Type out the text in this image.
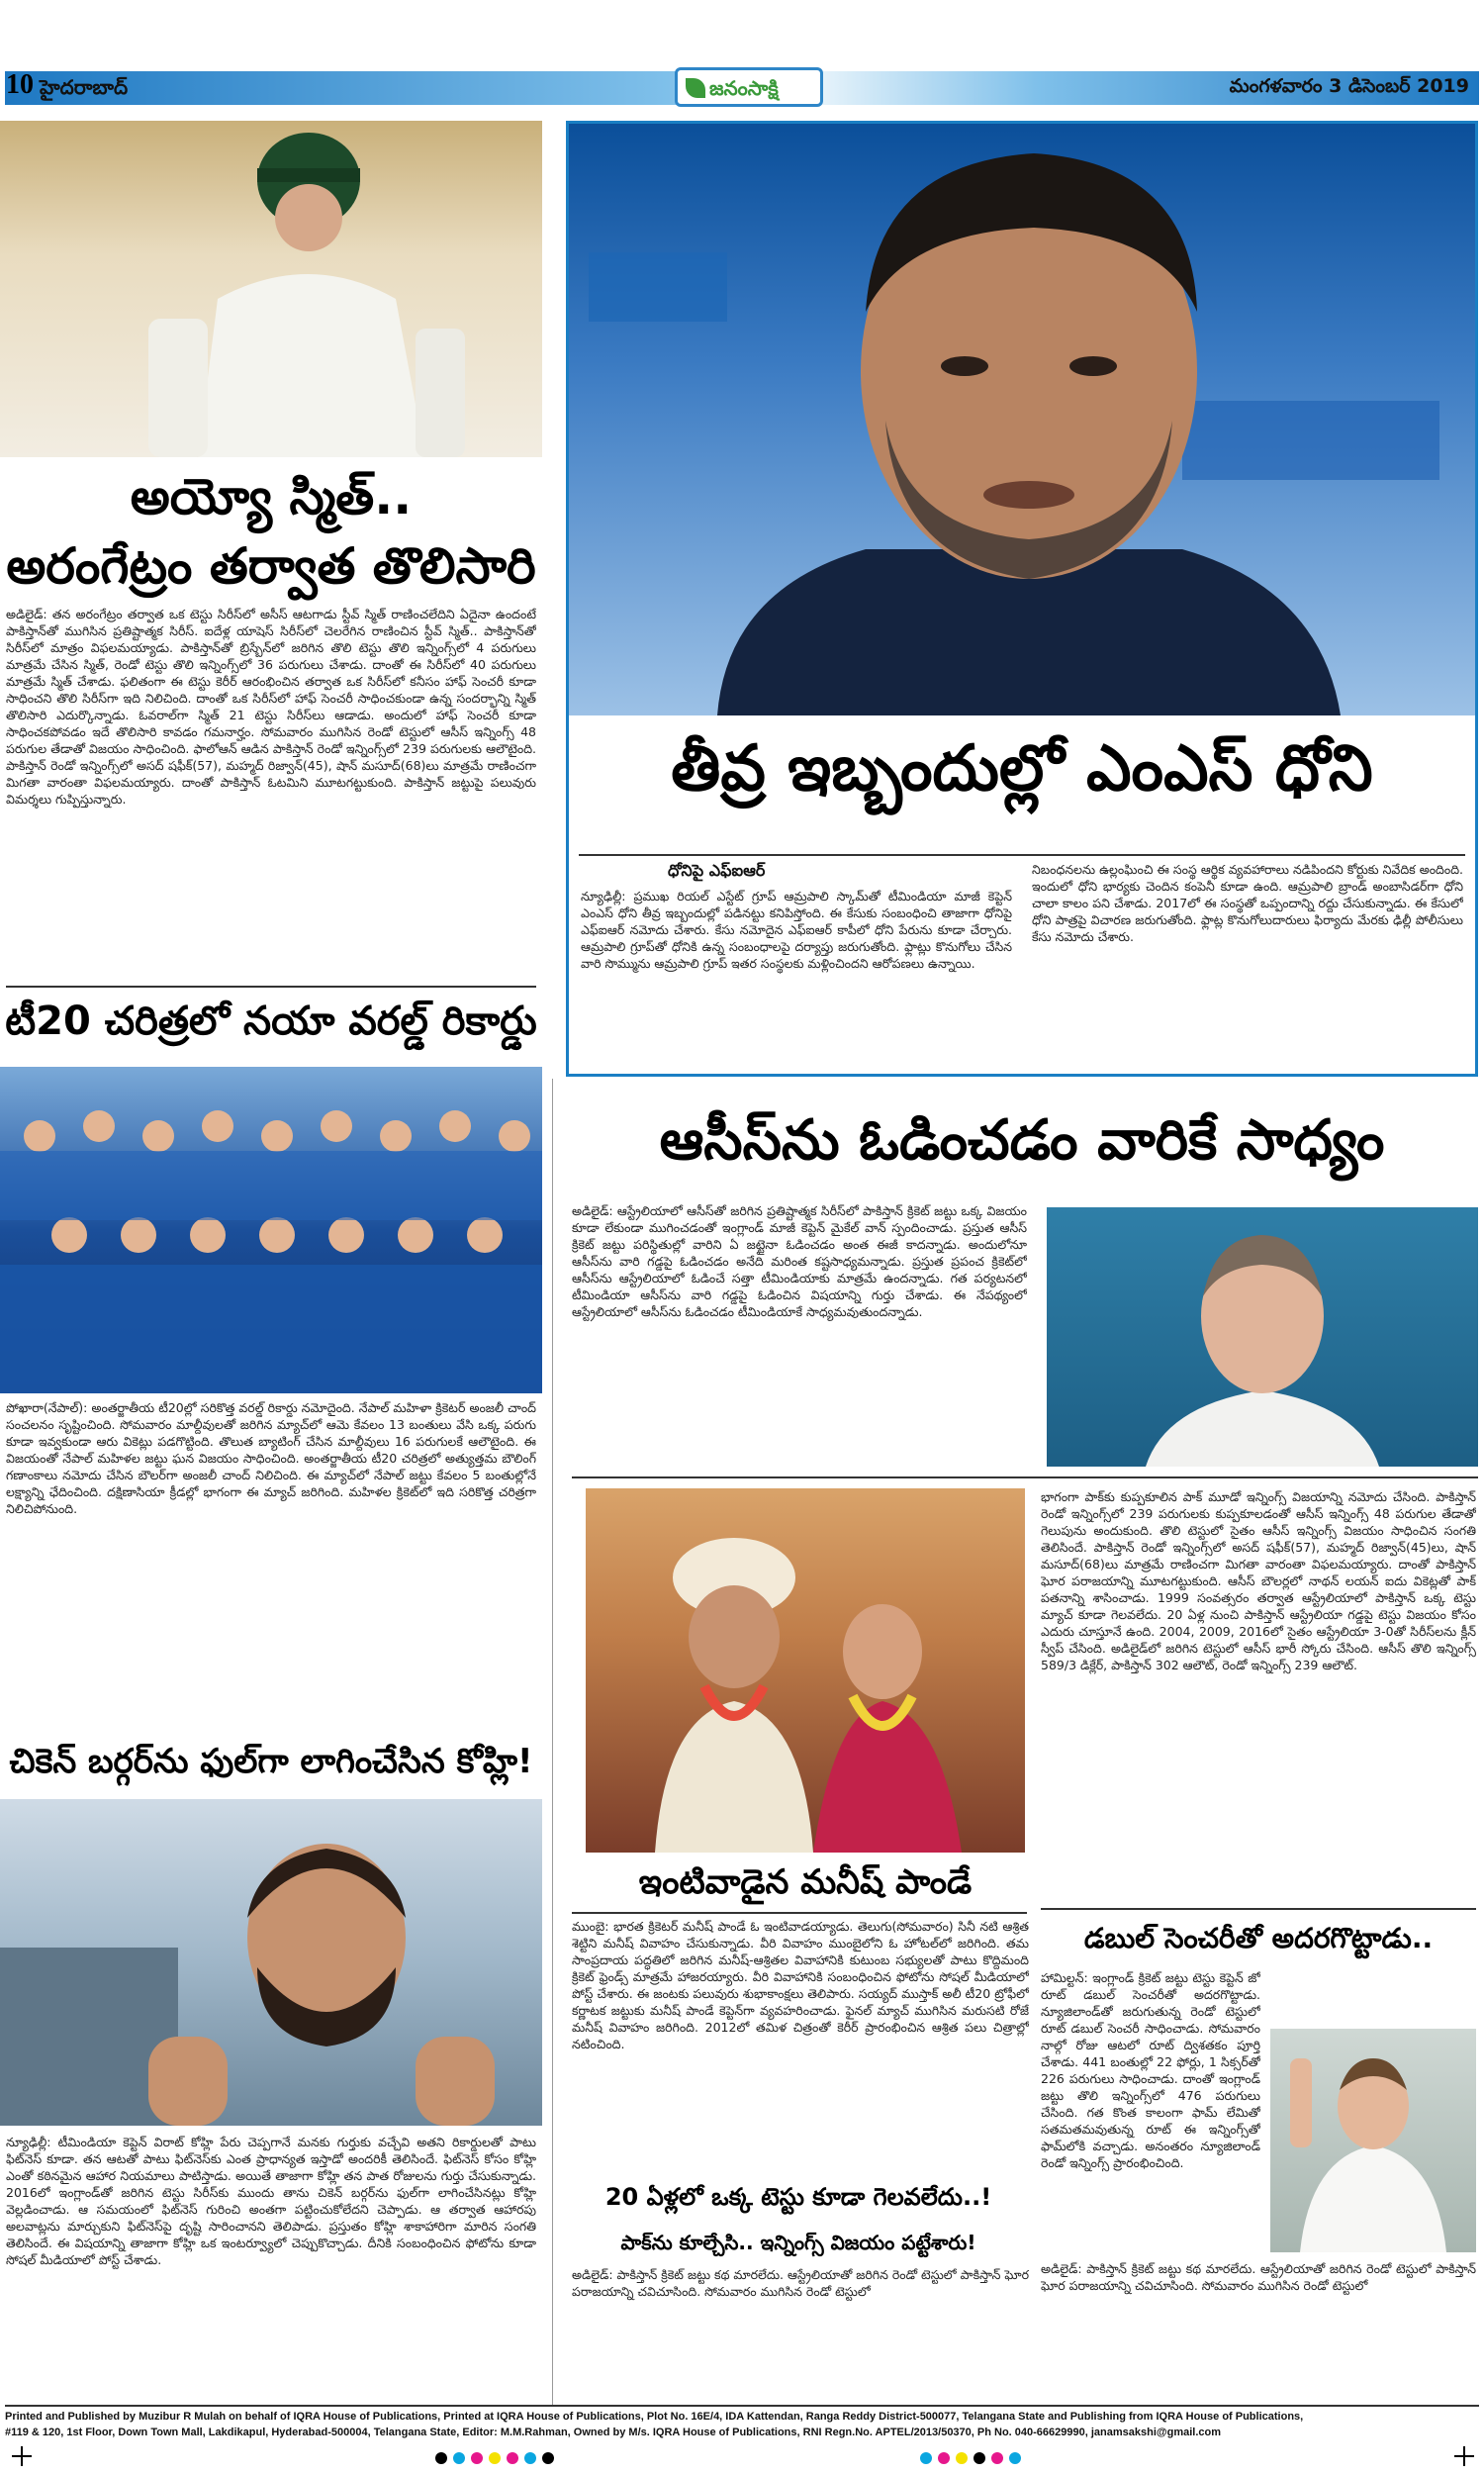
10 హైదరాబాద్	జనంసాక్షి	మంగళవారం 3 డిసెంబర్ 2019
అయ్యో స్మిత్..
అరంగేట్రం తర్వాత తొలిసారి
అడిలైడ్: తన అరంగేట్రం తర్వాత ఒక టెస్టు సిరీస్‌లో అసీస్ ఆటగాడు స్టీవ్ స్మిత్ రాణించలేదిని ఏదైనా ఉందంటే పాకిస్తాన్‌తో ముగిసిన ప్రతిష్టాత్మక సిరీస్. ఐదేళ్ల యాషెస్ సిరీస్‌లో చెలరేగిన రాణించిన స్టీవ్ స్మిత్.. పాకిస్తాన్‌తో సిరీస్‌లో మాత్రం విఫలమయ్యాడు. పాకిస్తాన్‌తో బ్రిస్బేన్‌లో జరిగిన తొలి టెస్టు తొలి ఇన్నింగ్స్‌లో 4 పరుగులు మాత్రమే చేసిన స్మిత్, రెండో టెస్టు తొలి ఇన్నింగ్స్‌లో 36 పరుగులు చేశాడు. దాంతో ఈ సిరీస్‌లో 40 పరుగులు మాత్రమే స్మిత్ చేశాడు. ఫలితంగా ఈ టెస్టు కెరీర్ ఆరంభించిన తర్వాత ఒక సిరీస్‌లో కనీసం హాఫ్ సెంచరీ కూడా సాధించని తొలి సిరీస్‌గా ఇది నిలిచింది. దాంతో ఒక సిరీస్‌లో హాఫ్ సెంచరీ సాధించకుండా ఉన్న సందర్భాన్ని స్మిత్ తొలిసారి ఎదుర్కొన్నాడు. ఓవరాల్‌గా స్మిత్ 21 టెస్టు సిరీస్‌లు ఆడాడు. అందులో హాఫ్ సెంచరీ కూడా సాధించకపోవడం ఇదే తొలిసారి కావడం గమనార్హం. సోమవారం ముగిసిన రెండో టెస్టులో ఆసీస్ ఇన్నింగ్స్ 48 పరుగుల తేడాతో విజయం సాధించింది. ఫాలోఆన్ ఆడిన పాకిస్తాన్ రెండో ఇన్నింగ్స్‌లో 239 పరుగులకు ఆలౌటైంది. పాకిస్తాన్ రెండో ఇన్నింగ్స్‌లో అసద్ షఫీక్(57), మహ్మద్ రిజ్వాన్(45), షాన్ మసూద్(68)లు మాత్రమే రాణించగా మిగతా వారంతా విఫలమయ్యారు. దాంతో పాకిస్తాన్ ఓటమిని మూటగట్టుకుంది. పాకిస్తాన్ జట్టుపై పలువురు విమర్శలు గుప్పిస్తున్నారు.
టీ20 చరిత్రలో నయా వరల్డ్ రికార్డు
పోఖారా(నేపాల్): అంతర్జాతీయ టీ20ల్లో సరికొత్త వరల్డ్ రికార్డు నమోదైంది. నేపాల్ మహిళా క్రికెటర్ అంజలీ చాంద్ సంచలనం సృష్టించింది. సోమవారం మాల్దీవులతో జరిగిన మ్యాచ్‌లో ఆమె కేవలం 13 బంతులు వేసి ఒక్క పరుగు కూడా ఇవ్వకుండా ఆరు వికెట్లు పడగొట్టింది. తొలుత బ్యాటింగ్ చేసిన మాల్దీవులు 16 పరుగులకే ఆలౌటైంది. ఈ విజయంతో నేపాల్ మహిళల జట్టు ఘన విజయం సాధించింది. అంతర్జాతీయ టీ20 చరిత్రలో అత్యుత్తమ బౌలింగ్ గణాంకాలు నమోదు చేసిన బౌలర్‌గా అంజలీ చాంద్ నిలిచింది. ఈ మ్యాచ్‌లో నేపాల్ జట్టు కేవలం 5 బంతుల్లోనే లక్ష్యాన్ని ఛేదించింది. దక్షిణాసియా క్రీడల్లో భాగంగా ఈ మ్యాచ్ జరిగింది. మహిళల క్రికెట్‌లో ఇది సరికొత్త చరిత్రగా నిలిచిపోనుంది.
చికెన్ బర్గర్‌ను ఫుల్‌గా లాగించేసిన కోహ్లి!
న్యూఢిల్లీ: టీమిండియా కెప్టెన్ విరాట్ కోహ్లి పేరు చెప్పగానే మనకు గుర్తుకు వచ్చేవి అతని రికార్డులతో పాటు ఫిట్‌నెస్ కూడా. తన ఆటతో పాటు ఫిట్‌నెస్‌కు ఎంత ప్రాధాన్యత ఇస్తాడో అందరికీ తెలిసిందే. ఫిట్‌నెస్ కోసం కోహ్లి ఎంతో కఠినమైన ఆహార నియమాలు పాటిస్తాడు. అయితే తాజాగా కోహ్లి తన పాత రోజులను గుర్తు చేసుకున్నాడు. 2016లో ఇంగ్లాండ్‌తో జరిగిన టెస్టు సిరీస్‌కు ముందు తాను చికెన్ బర్గర్‌ను ఫుల్‌గా లాగించేసినట్లు కోహ్లి వెల్లడించాడు. ఆ సమయంలో ఫిట్‌నెస్ గురించి అంతగా పట్టించుకోలేదని చెప్పాడు. ఆ తర్వాత ఆహారపు అలవాట్లను మార్చుకుని ఫిట్‌నెస్‌పై దృష్టి సారించానని తెలిపాడు. ప్రస్తుతం కోహ్లి శాకాహారిగా మారిన సంగతి తెలిసిందే. ఈ విషయాన్ని తాజాగా కోహ్లి ఒక ఇంటర్వ్యూలో చెప్పుకొచ్చాడు. దీనికి సంబంధించిన ఫోటోను కూడా సోషల్ మీడియాలో పోస్ట్ చేశాడు.
తీవ్ర ఇబ్బందుల్లో ఎంఎస్ ధోని
ధోనిపై ఎఫ్ఐఆర్
న్యూఢిల్లీ: ప్రముఖ రియల్ ఎస్టేట్ గ్రూప్ ఆమ్రపాలి స్కామ్‌తో టీమిండియా మాజీ కెప్టెన్ ఎంఎస్ ధోని తీవ్ర ఇబ్బందుల్లో పడినట్టు కనిపిస్తోంది. ఈ కేసుకు సంబంధించి తాజాగా ధోనిపై ఎఫ్ఐఆర్ నమోదు చేశారు. కేసు నమోదైన ఎఫ్ఐఆర్ కాపీలో ధోని పేరును కూడా చేర్చారు. ఆమ్రపాలి గ్రూప్‌తో ధోనికి ఉన్న సంబంధాలపై దర్యాప్తు జరుగుతోంది. ఫ్లాట్లు కొనుగోలు చేసిన వారి సొమ్మును ఆమ్రపాలి గ్రూప్ ఇతర సంస్థలకు మళ్లించిందని ఆరోపణలు ఉన్నాయి.
నిబంధనలను ఉల్లంఘించి ఈ సంస్థ ఆర్థిక వ్యవహారాలు నడిపిందని కోర్టుకు నివేదిక అందింది. ఇందులో ధోని భార్యకు చెందిన కంపెనీ కూడా ఉంది. ఆమ్రపాలి బ్రాండ్ అంబాసిడర్‌గా ధోని చాలా కాలం పని చేశాడు. 2017లో ఈ సంస్థతో ఒప్పందాన్ని రద్దు చేసుకున్నాడు. ఈ కేసులో ధోని పాత్రపై విచారణ జరుగుతోంది. ఫ్లాట్ల కొనుగోలుదారులు ఫిర్యాదు మేరకు ఢిల్లీ పోలీసులు కేసు నమోదు చేశారు.
ఆసీస్‌ను ఓడించడం వారికే సాధ్యం
అడిలైడ్: ఆస్ట్రేలియాలో ఆసీస్‌తో జరిగిన ప్రతిష్టాత్మక సిరీస్‌లో పాకిస్తాన్ క్రికెట్ జట్టు ఒక్క విజయం కూడా లేకుండా ముగించడంతో ఇంగ్లాండ్ మాజీ కెప్టెన్ మైకేల్ వాన్ స్పందించాడు. ప్రస్తుత ఆసీస్ క్రికెట్ జట్టు పరిస్థితుల్లో వారిని ఏ జట్టైనా ఓడించడం అంత ఈజీ కాదన్నాడు. అందులోనూ ఆసీస్‌ను వారి గడ్డపై ఓడించడం అనేది మరింత కష్టసాధ్యమన్నాడు. ప్రస్తుత ప్రపంచ క్రికెట్‌లో ఆసీస్‌ను ఆస్ట్రేలియాలో ఓడించే సత్తా టీమిండియాకు మాత్రమే ఉందన్నాడు. గత పర్యటనలో టీమిండియా ఆసీస్‌ను వారి గడ్డపై ఓడించిన విషయాన్ని గుర్తు చేశాడు. ఈ నేపథ్యంలో ఆస్ట్రేలియాలో ఆసీస్‌ను ఓడించడం టీమిండియాకే సాధ్యమవుతుందన్నాడు.
ఇంటివాడైన మనీష్ పాండే
ముంబై: భారత క్రికెటర్ మనీష్ పాండే ఓ ఇంటివాడయ్యాడు. తెలుగు(సోమవారం) సినీ నటి ఆశ్రిత శెట్టిని మనీష్ వివాహం చేసుకున్నాడు. వీరి వివాహం ముంబైలోని ఓ హోటల్‌లో జరిగింది. తమ సాంప్రదాయ పద్ధతిలో జరిగిన మనీష్-ఆశ్రితల వివాహానికి కుటుంబ సభ్యులతో పాటు కొద్దిమంది క్రికెట్ ఫ్రెండ్స్ మాత్రమే హాజరయ్యారు. వీరి వివాహానికి సంబంధించిన ఫోటోను సోషల్ మీడియాలో పోస్ట్ చేశారు. ఈ జంటకు పలువురు శుభాకాంక్షలు తెలిపారు. సయ్యద్ ముస్తాక్ అలీ టీ20 ట్రోఫీలో కర్ణాటక జట్టుకు మనీష్ పాండే కెప్టెన్‌గా వ్యవహరించాడు. ఫైనల్ మ్యాచ్ ముగిసిన మరుసటి రోజే మనీష్ వివాహం జరిగింది. 2012లో తమిళ చిత్రంతో కెరీర్ ప్రారంభించిన ఆశ్రిత పలు చిత్రాల్లో నటించింది.
భాగంగా పాక్‌కు కుప్పకూలిన పాక్ మూడో ఇన్నింగ్స్ విజయాన్ని నమోదు చేసింది. పాకిస్తాన్ రెండో ఇన్నింగ్స్‌లో 239 పరుగులకు కుప్పకూలడంతో ఆసీస్ ఇన్నింగ్స్ 48 పరుగుల తేడాతో గెలుపును అందుకుంది. తొలి టెస్టులో సైతం ఆసీస్ ఇన్నింగ్స్ విజయం సాధించిన సంగతి తెలిసిందే. పాకిస్తాన్ రెండో ఇన్నింగ్స్‌లో అసద్ షఫీక్(57), మహ్మద్ రిజ్వాన్(45)లు, షాన్ మసూద్(68)లు మాత్రమే రాణించగా మిగతా వారంతా విఫలమయ్యారు. దాంతో పాకిస్తాన్ ఘోర పరాజయాన్ని మూటగట్టుకుంది. ఆసీస్ బౌలర్లలో నాథన్ లయన్ ఐదు వికెట్లతో పాక్ పతనాన్ని శాసించాడు. 1999 సంవత్సరం తర్వాత ఆస్ట్రేలియాలో పాకిస్తాన్ ఒక్క టెస్టు మ్యాచ్ కూడా గెలవలేదు. 20 ఏళ్ల నుంచి పాకిస్తాన్ ఆస్ట్రేలియా గడ్డపై టెస్టు విజయం కోసం ఎదురు చూస్తూనే ఉంది. 2004, 2009, 2016లో సైతం ఆస్ట్రేలియా 3-0తో సిరీస్‌లను క్లీన్ స్వీప్ చేసింది. అడిలైడ్‌లో జరిగిన టెస్టులో ఆసీస్ భారీ స్కోరు చేసింది. ఆసీస్ తొలి ఇన్నింగ్స్ 589/3 డిక్లేర్, పాకిస్తాన్ 302 ఆలౌట్, రెండో ఇన్నింగ్స్ 239 ఆలౌట్.
డబుల్ సెంచరీతో అదరగొట్టాడు..
హామిల్టన్: ఇంగ్లాండ్ క్రికెట్ జట్టు టెస్టు కెప్టెన్ జో రూట్ డబుల్ సెంచరీతో అదరగొట్టాడు. న్యూజిలాండ్‌తో జరుగుతున్న రెండో టెస్టులో రూట్ డబుల్ సెంచరీ సాధించాడు. సోమవారం నాల్గో రోజు ఆటలో రూట్ ద్విశతకం పూర్తి చేశాడు. 441 బంతుల్లో 22 ఫోర్లు, 1 సిక్సర్‌తో 226 పరుగులు సాధించాడు. దాంతో ఇంగ్లాండ్ జట్టు తొలి ఇన్నింగ్స్‌లో 476 పరుగులు చేసింది. గత కొంత కాలంగా ఫామ్ లేమితో సతమతమవుతున్న రూట్ ఈ ఇన్నింగ్స్‌తో ఫామ్‌లోకి వచ్చాడు. అనంతరం న్యూజిలాండ్ రెండో ఇన్నింగ్స్ ప్రారంభించింది.
అడిలైడ్: పాకిస్తాన్ క్రికెట్ జట్టు కథ మారలేదు. ఆస్ట్రేలియాతో జరిగిన రెండో టెస్టులో పాకిస్తాన్ ఘోర పరాజయాన్ని చవిచూసింది. సోమవారం ముగిసిన రెండో టెస్టులో
20 ఏళ్లలో ఒక్క టెస్టు కూడా గెలవలేదు..!
పాక్‌ను కూల్చేసి.. ఇన్నింగ్స్ విజయం పట్టేశారు!
అడిలైడ్: పాకిస్తాన్ క్రికెట్ జట్టు కథ మారలేదు. ఆస్ట్రేలియాతో జరిగిన రెండో టెస్టులో పాకిస్తాన్ ఘోర పరాజయాన్ని చవిచూసింది. సోమవారం ముగిసిన రెండో టెస్టులో
Printed and Published by Muzibur R Mulah on behalf of IQRA House of Publications, Printed at IQRA House of Publications, Plot No. 16E/4, IDA Kattendan, Ranga Reddy District-500077, Telangana State and Publishing from IQRA House of Publications,
#119 & 120, 1st Floor, Down Town Mall, Lakdikapul, Hyderabad-500004, Telangana State, Editor: M.M.Rahman, Owned by M/s. IQRA House of Publications, RNI Regn.No. APTEL/2013/50370, Ph No. 040-66629990, janamsakshi@gmail.com
